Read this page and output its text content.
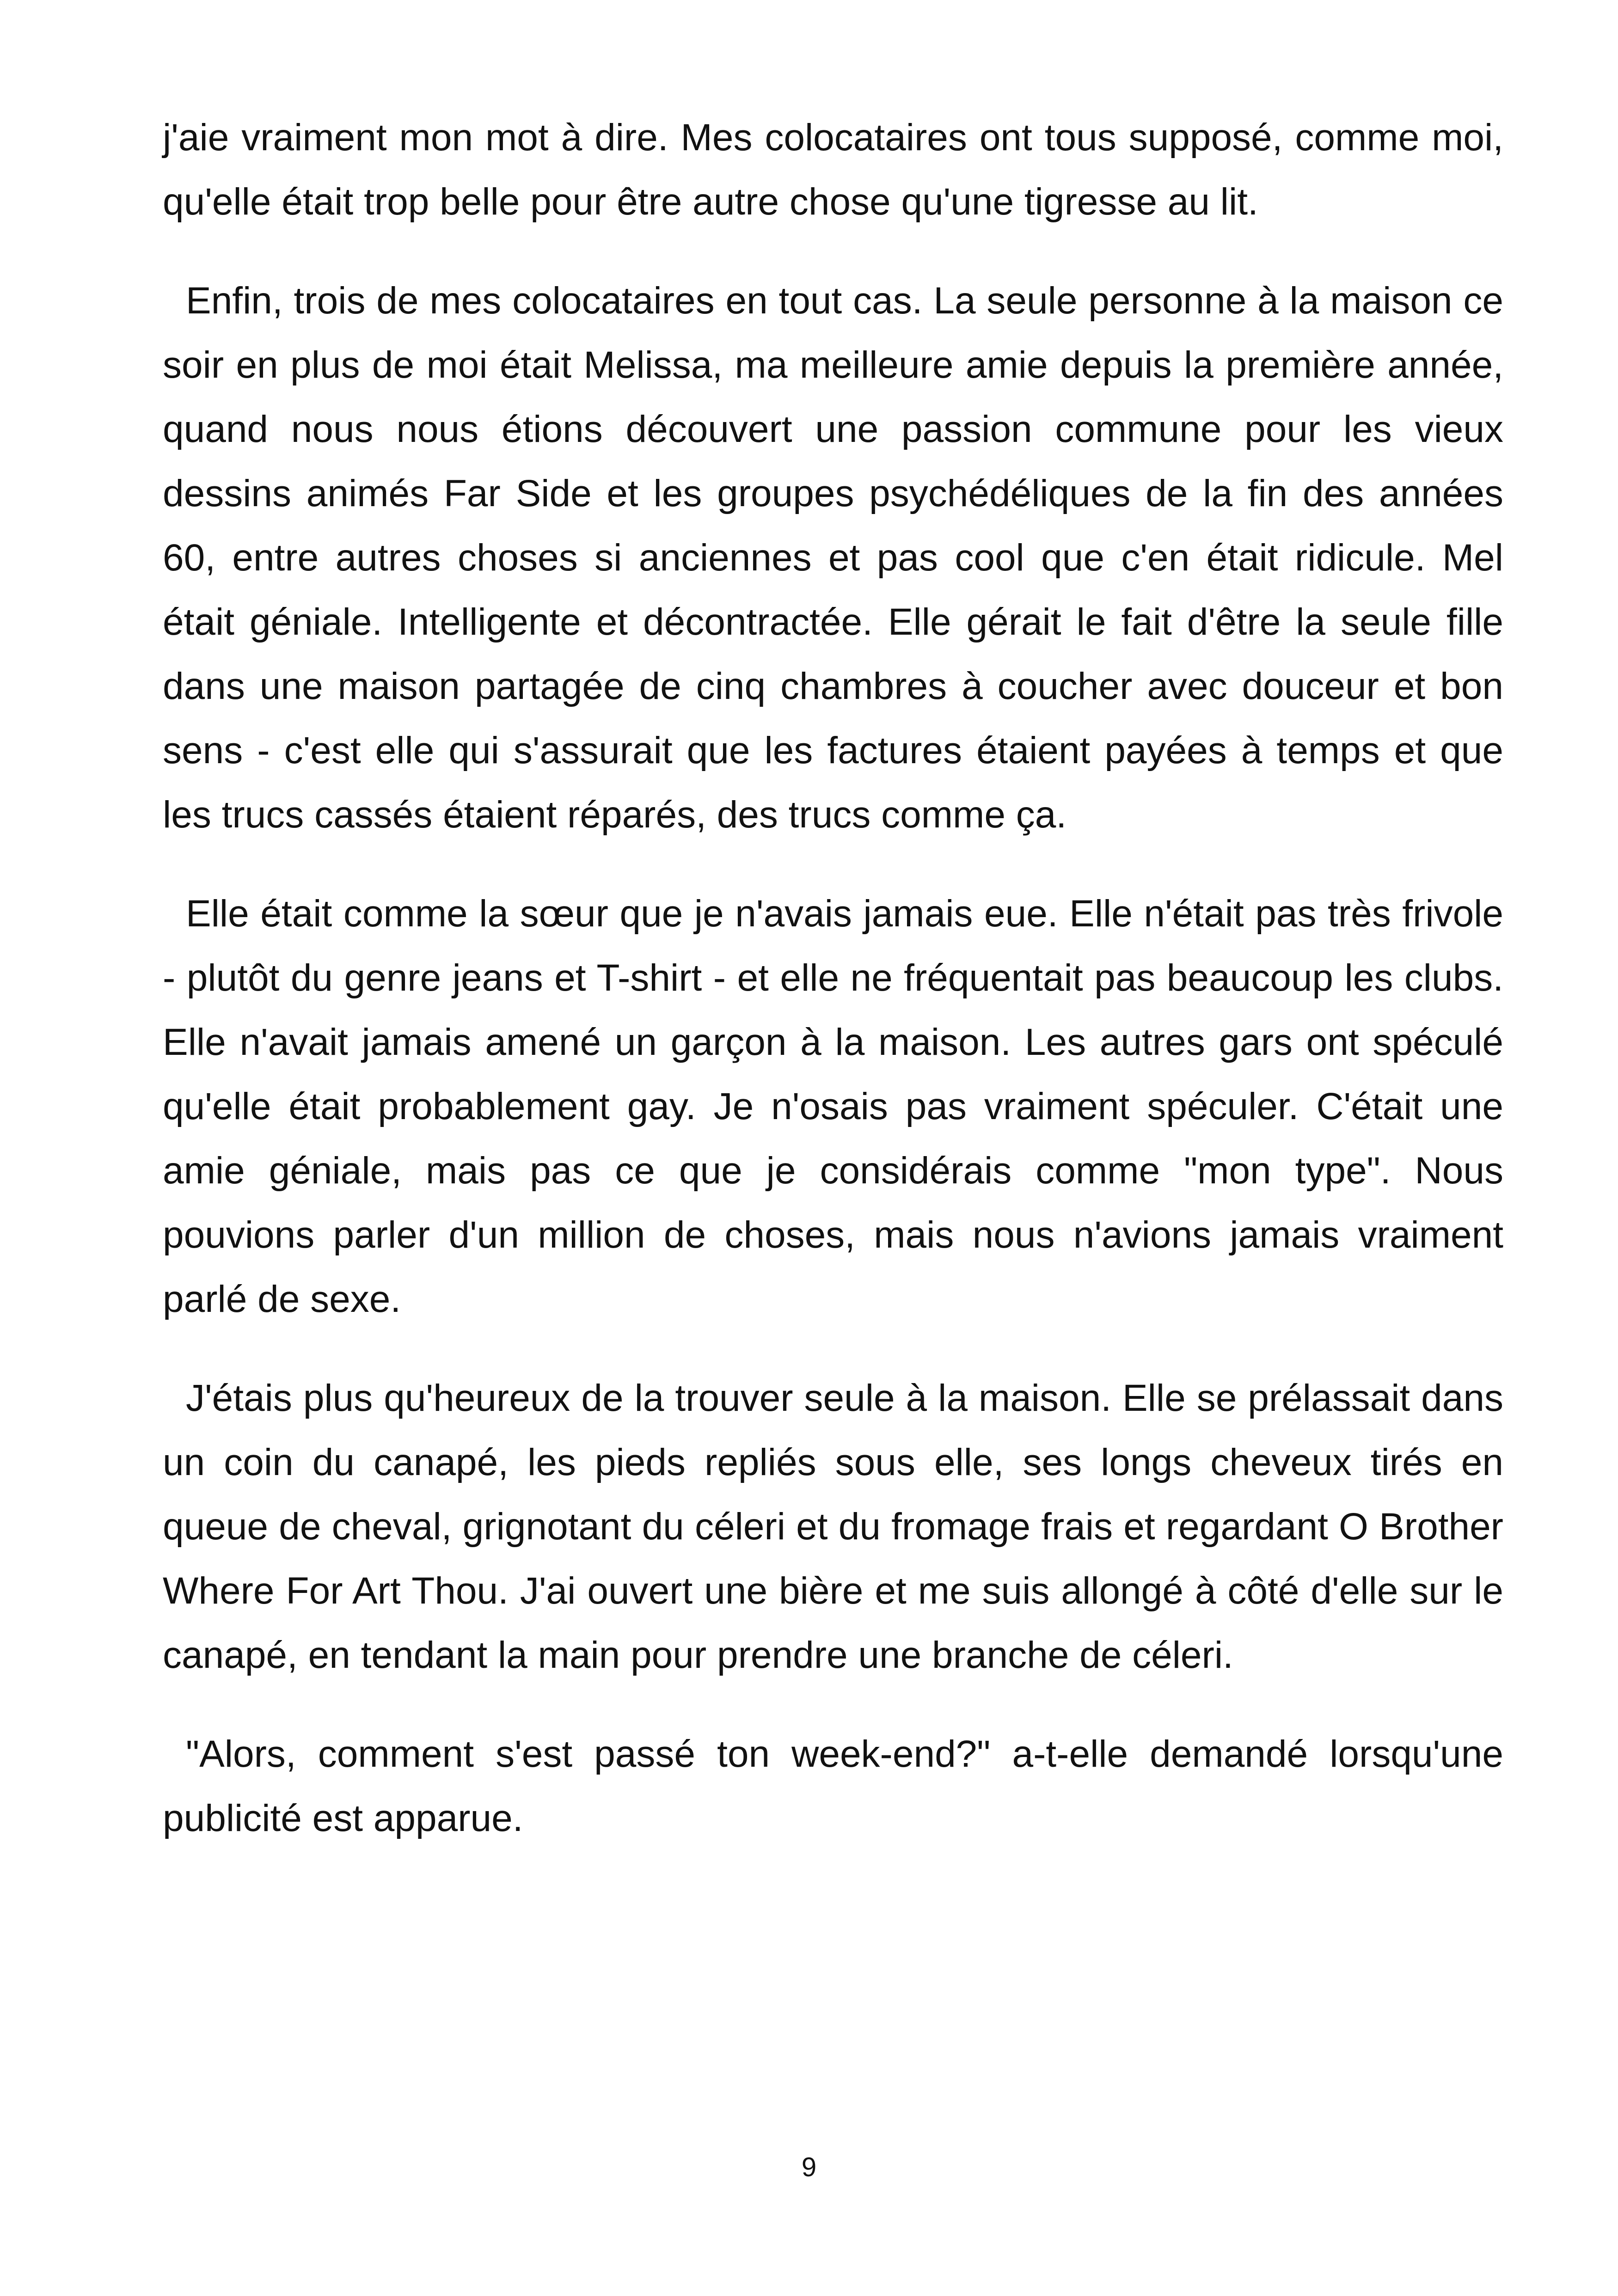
j'aie vraiment mon mot à dire. Mes colocataires ont tous supposé, comme moi, qu'elle était trop belle pour être autre chose qu'une tigresse au lit.

Enfin, trois de mes colocataires en tout cas. La seule personne à la maison ce soir en plus de moi était Melissa, ma meilleure amie depuis la première année, quand nous nous étions découvert une passion commune pour les vieux dessins animés Far Side et les groupes psychédéliques de la fin des années 60, entre autres choses si anciennes et pas cool que c'en était ridicule. Mel était géniale. Intelligente et décontractée. Elle gérait le fait d'être la seule fille dans une maison partagée de cinq chambres à coucher avec douceur et bon sens - c'est elle qui s'assurait que les factures étaient payées à temps et que les trucs cassés étaient réparés, des trucs comme ça.

Elle était comme la sœur que je n'avais jamais eue. Elle n'était pas très frivole - plutôt du genre jeans et T-shirt - et elle ne fréquentait pas beaucoup les clubs. Elle n'avait jamais amené un garçon à la maison. Les autres gars ont spéculé qu'elle était probablement gay. Je n'osais pas vraiment spéculer. C'était une amie géniale, mais pas ce que je considérais comme "mon type". Nous pouvions parler d'un million de choses, mais nous n'avions jamais vraiment parlé de sexe.

J'étais plus qu'heureux de la trouver seule à la maison. Elle se prélassait dans un coin du canapé, les pieds repliés sous elle, ses longs cheveux tirés en queue de cheval, grignotant du céleri et du fromage frais et regardant O Brother Where For Art Thou. J'ai ouvert une bière et me suis allongé à côté d'elle sur le canapé, en tendant la main pour prendre une branche de céleri.

"Alors, comment s'est passé ton week-end?" a-t-elle demandé lorsqu'une publicité est apparue.

9
